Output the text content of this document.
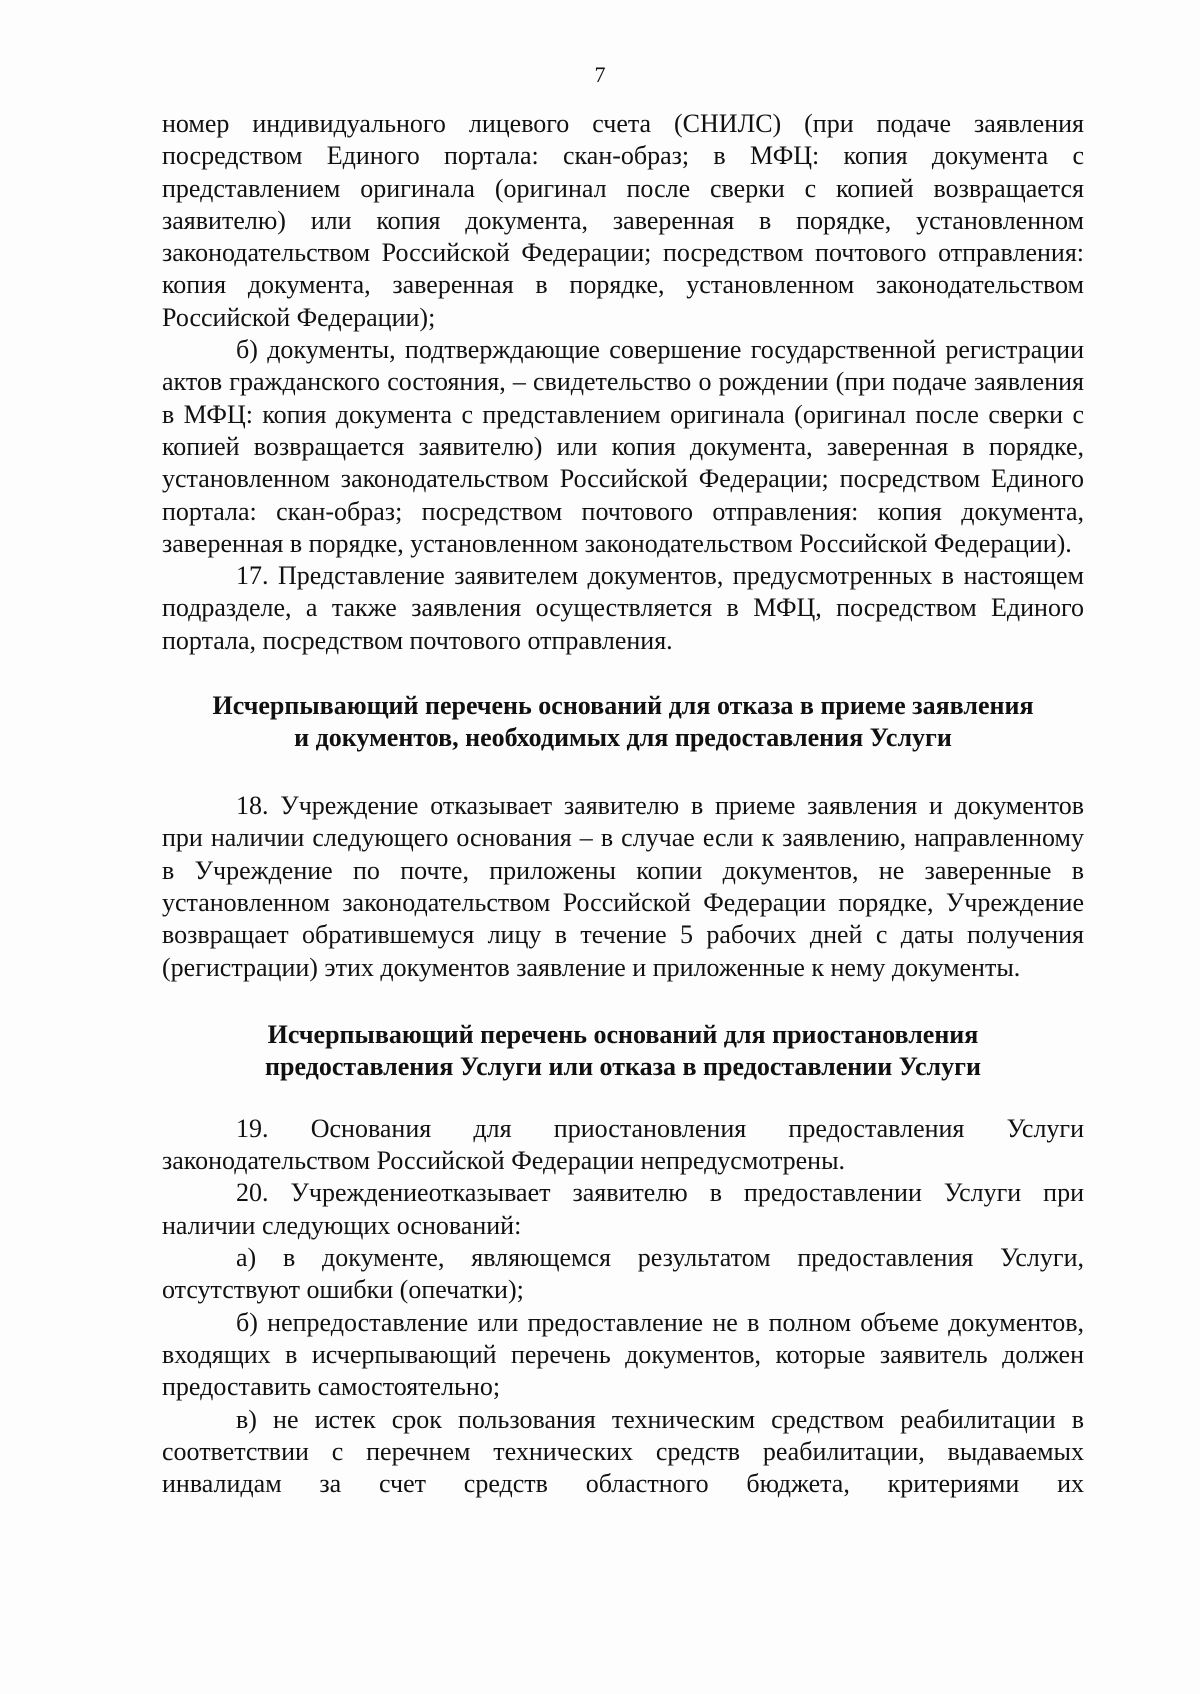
7

номер индивидуального лицевого счета (СНИЛС) (при подаче заявления посредством Единого портала: скан-образ; в МФЦ: копия документа с представлением оригинала (оригинал после сверки с копией возвращается заявителю) или копия документа, заверенная в порядке, установленном законодательством Российской Федерации; посредством почтового отправления: копия документа, заверенная в порядке, установленном законодательством Российской Федерации);

б) документы, подтверждающие совершение государственной регистрации актов гражданского состояния, – свидетельство о рождении (при подаче заявления в МФЦ: копия документа с представлением оригинала (оригинал после сверки с копией возвращается заявителю) или копия документа, заверенная в порядке, установленном законодательством Российской Федерации; посредством Единого портала: скан-образ; посредством почтового отправления: копия документа, заверенная в порядке, установленном законодательством Российской Федерации).

17. Представление заявителем документов, предусмотренных в настоящем подразделе, а также заявления осуществляется в МФЦ, посредством Единого портала, посредством почтового отправления.

Исчерпывающий перечень оснований для отказа в приеме заявления
и документов, необходимых для предоставления Услуги

18. Учреждение отказывает заявителю в приеме заявления и документов при наличии следующего основания – в случае если к заявлению, направленному в Учреждение по почте, приложены копии документов, не заверенные в установленном законодательством Российской Федерации порядке, Учреждение возвращает обратившемуся лицу в течение 5 рабочих дней с даты получения (регистрации) этих документов заявление и приложенные к нему документы.

Исчерпывающий перечень оснований для приостановления
предоставления Услуги или отказа в предоставлении Услуги

19. Основания для приостановления предоставления Услуги законодательством Российской Федерации непредусмотрены.

20. Учреждениеотказывает заявителю в предоставлении Услуги при наличии следующих оснований:

а) в документе, являющемся результатом предоставления Услуги, отсутствуют ошибки (опечатки);

б) непредоставление или предоставление не в полном объеме документов, входящих в исчерпывающий перечень документов, которые заявитель должен предоставить самостоятельно;

в) не истек срок пользования техническим средством реабилитации в соответствии с перечнем технических средств реабилитации, выдаваемых инвалидам за счет средств областного бюджета, критериями их
